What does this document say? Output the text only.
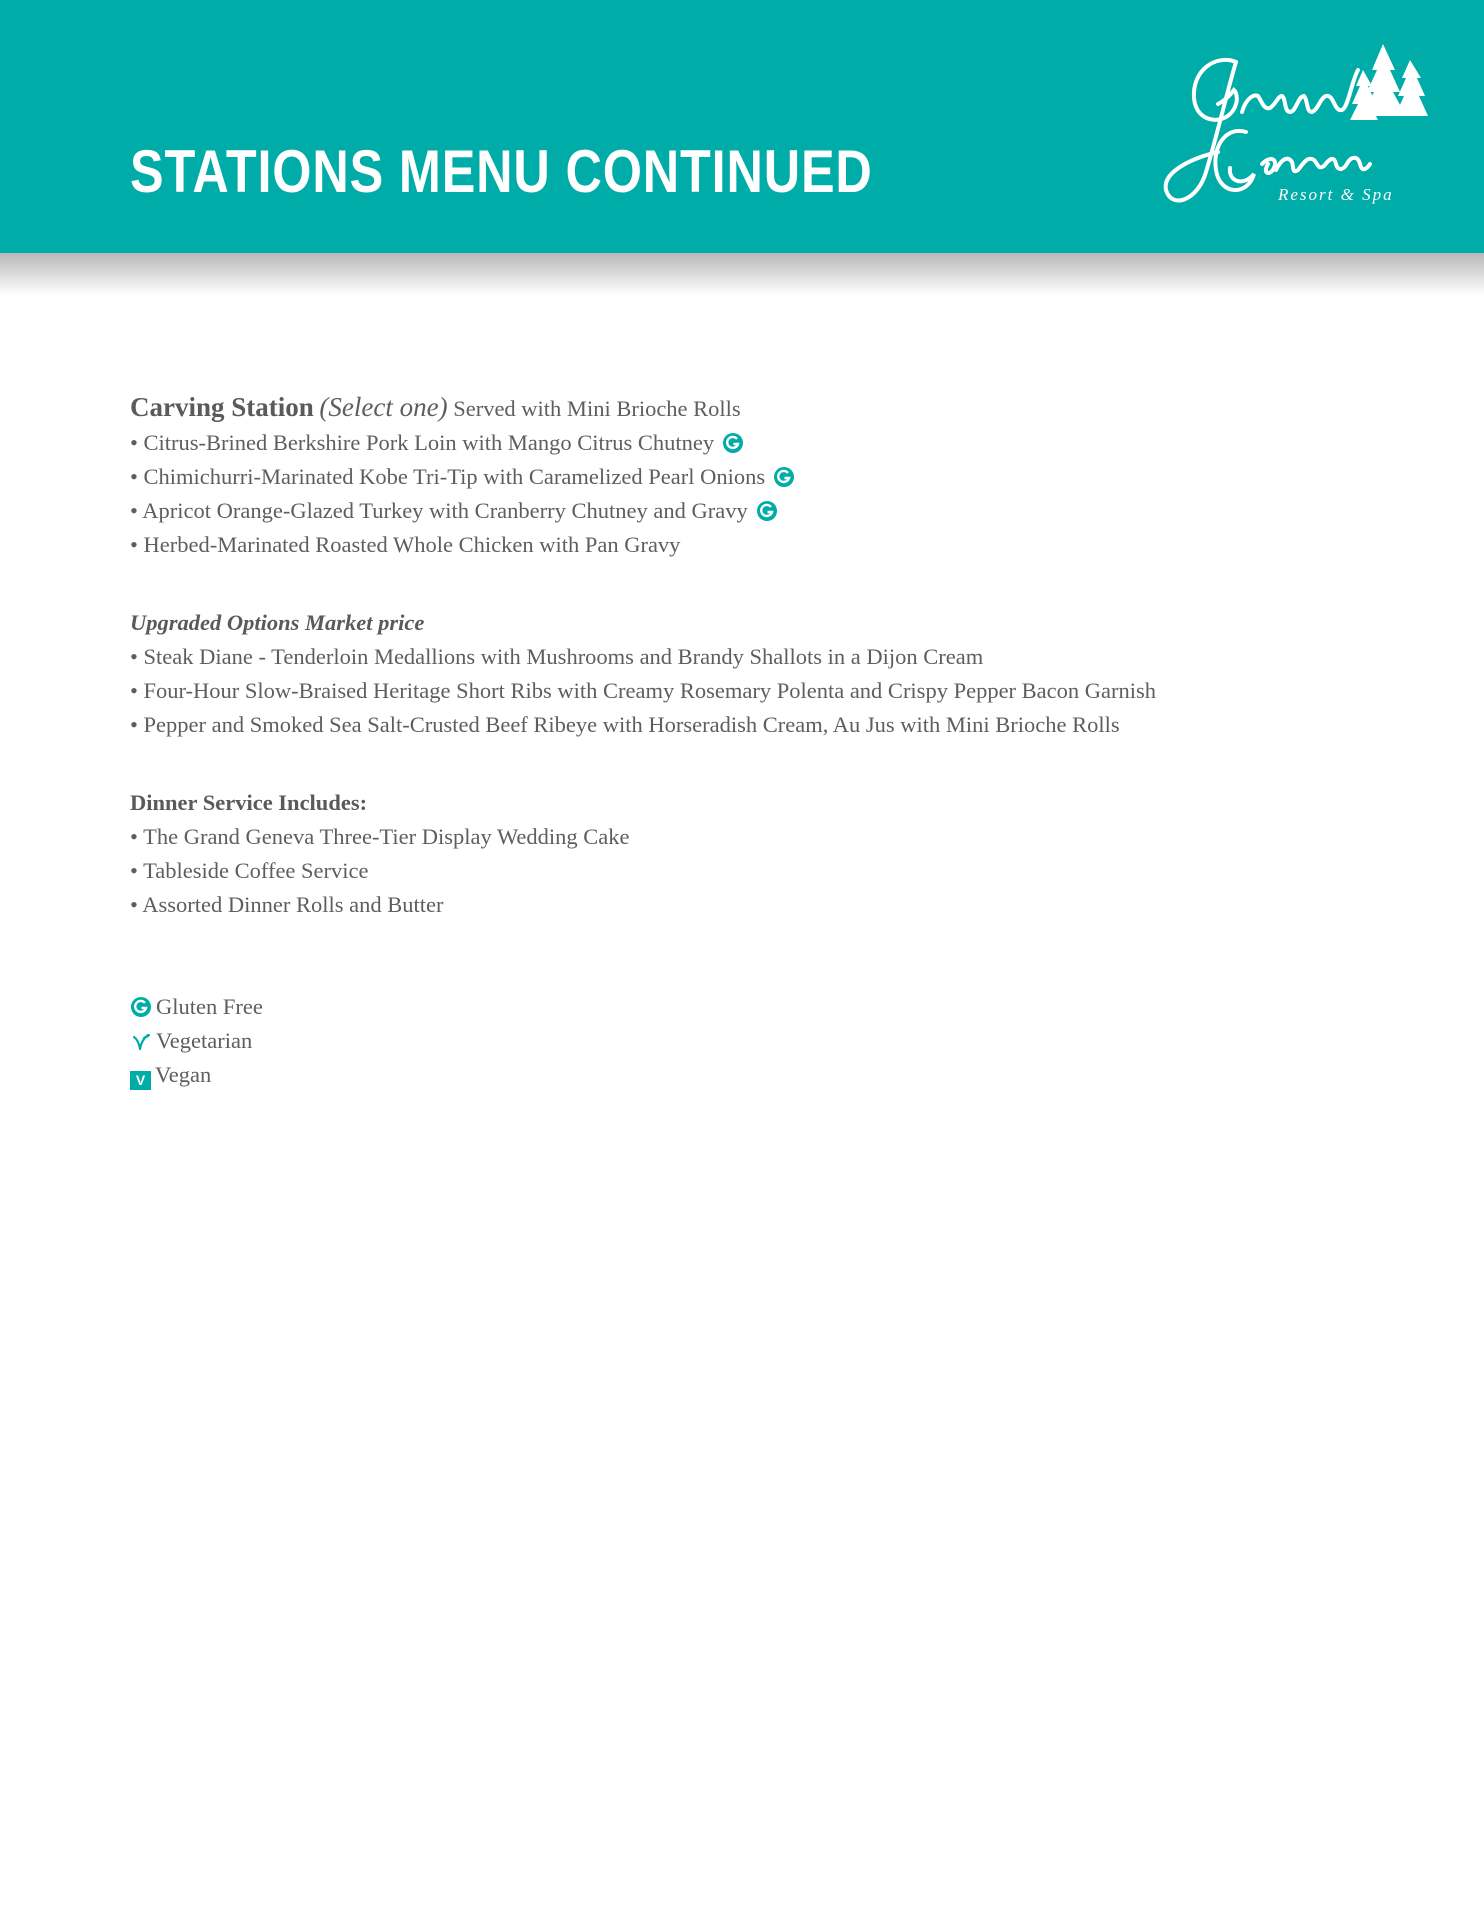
STATIONS MENU CONTINUED	Resort & Spa
Carving Station (Select one) Served with Mini Brioche Rolls
• Citrus-Brined Berkshire Pork Loin with Mango Citrus Chutney
• Chimichurri-Marinated Kobe Tri-Tip with Caramelized Pearl Onions
• Apricot Orange-Glazed Turkey with Cranberry Chutney and Gravy
• Herbed-Marinated Roasted Whole Chicken with Pan Gravy
Upgraded Options Market price
• Steak Diane - Tenderloin Medallions with Mushrooms and Brandy Shallots in a Dijon Cream
• Four-Hour Slow-Braised Heritage Short Ribs with Creamy Rosemary Polenta and Crispy Pepper Bacon Garnish
• Pepper and Smoked Sea Salt-Crusted Beef Ribeye with Horseradish Cream, Au Jus with Mini Brioche Rolls
Dinner Service Includes:
• The Grand Geneva Three-Tier Display Wedding Cake
• Tableside Coffee Service
• Assorted Dinner Rolls and Butter
Gluten Free
Vegetarian
V Vegan
